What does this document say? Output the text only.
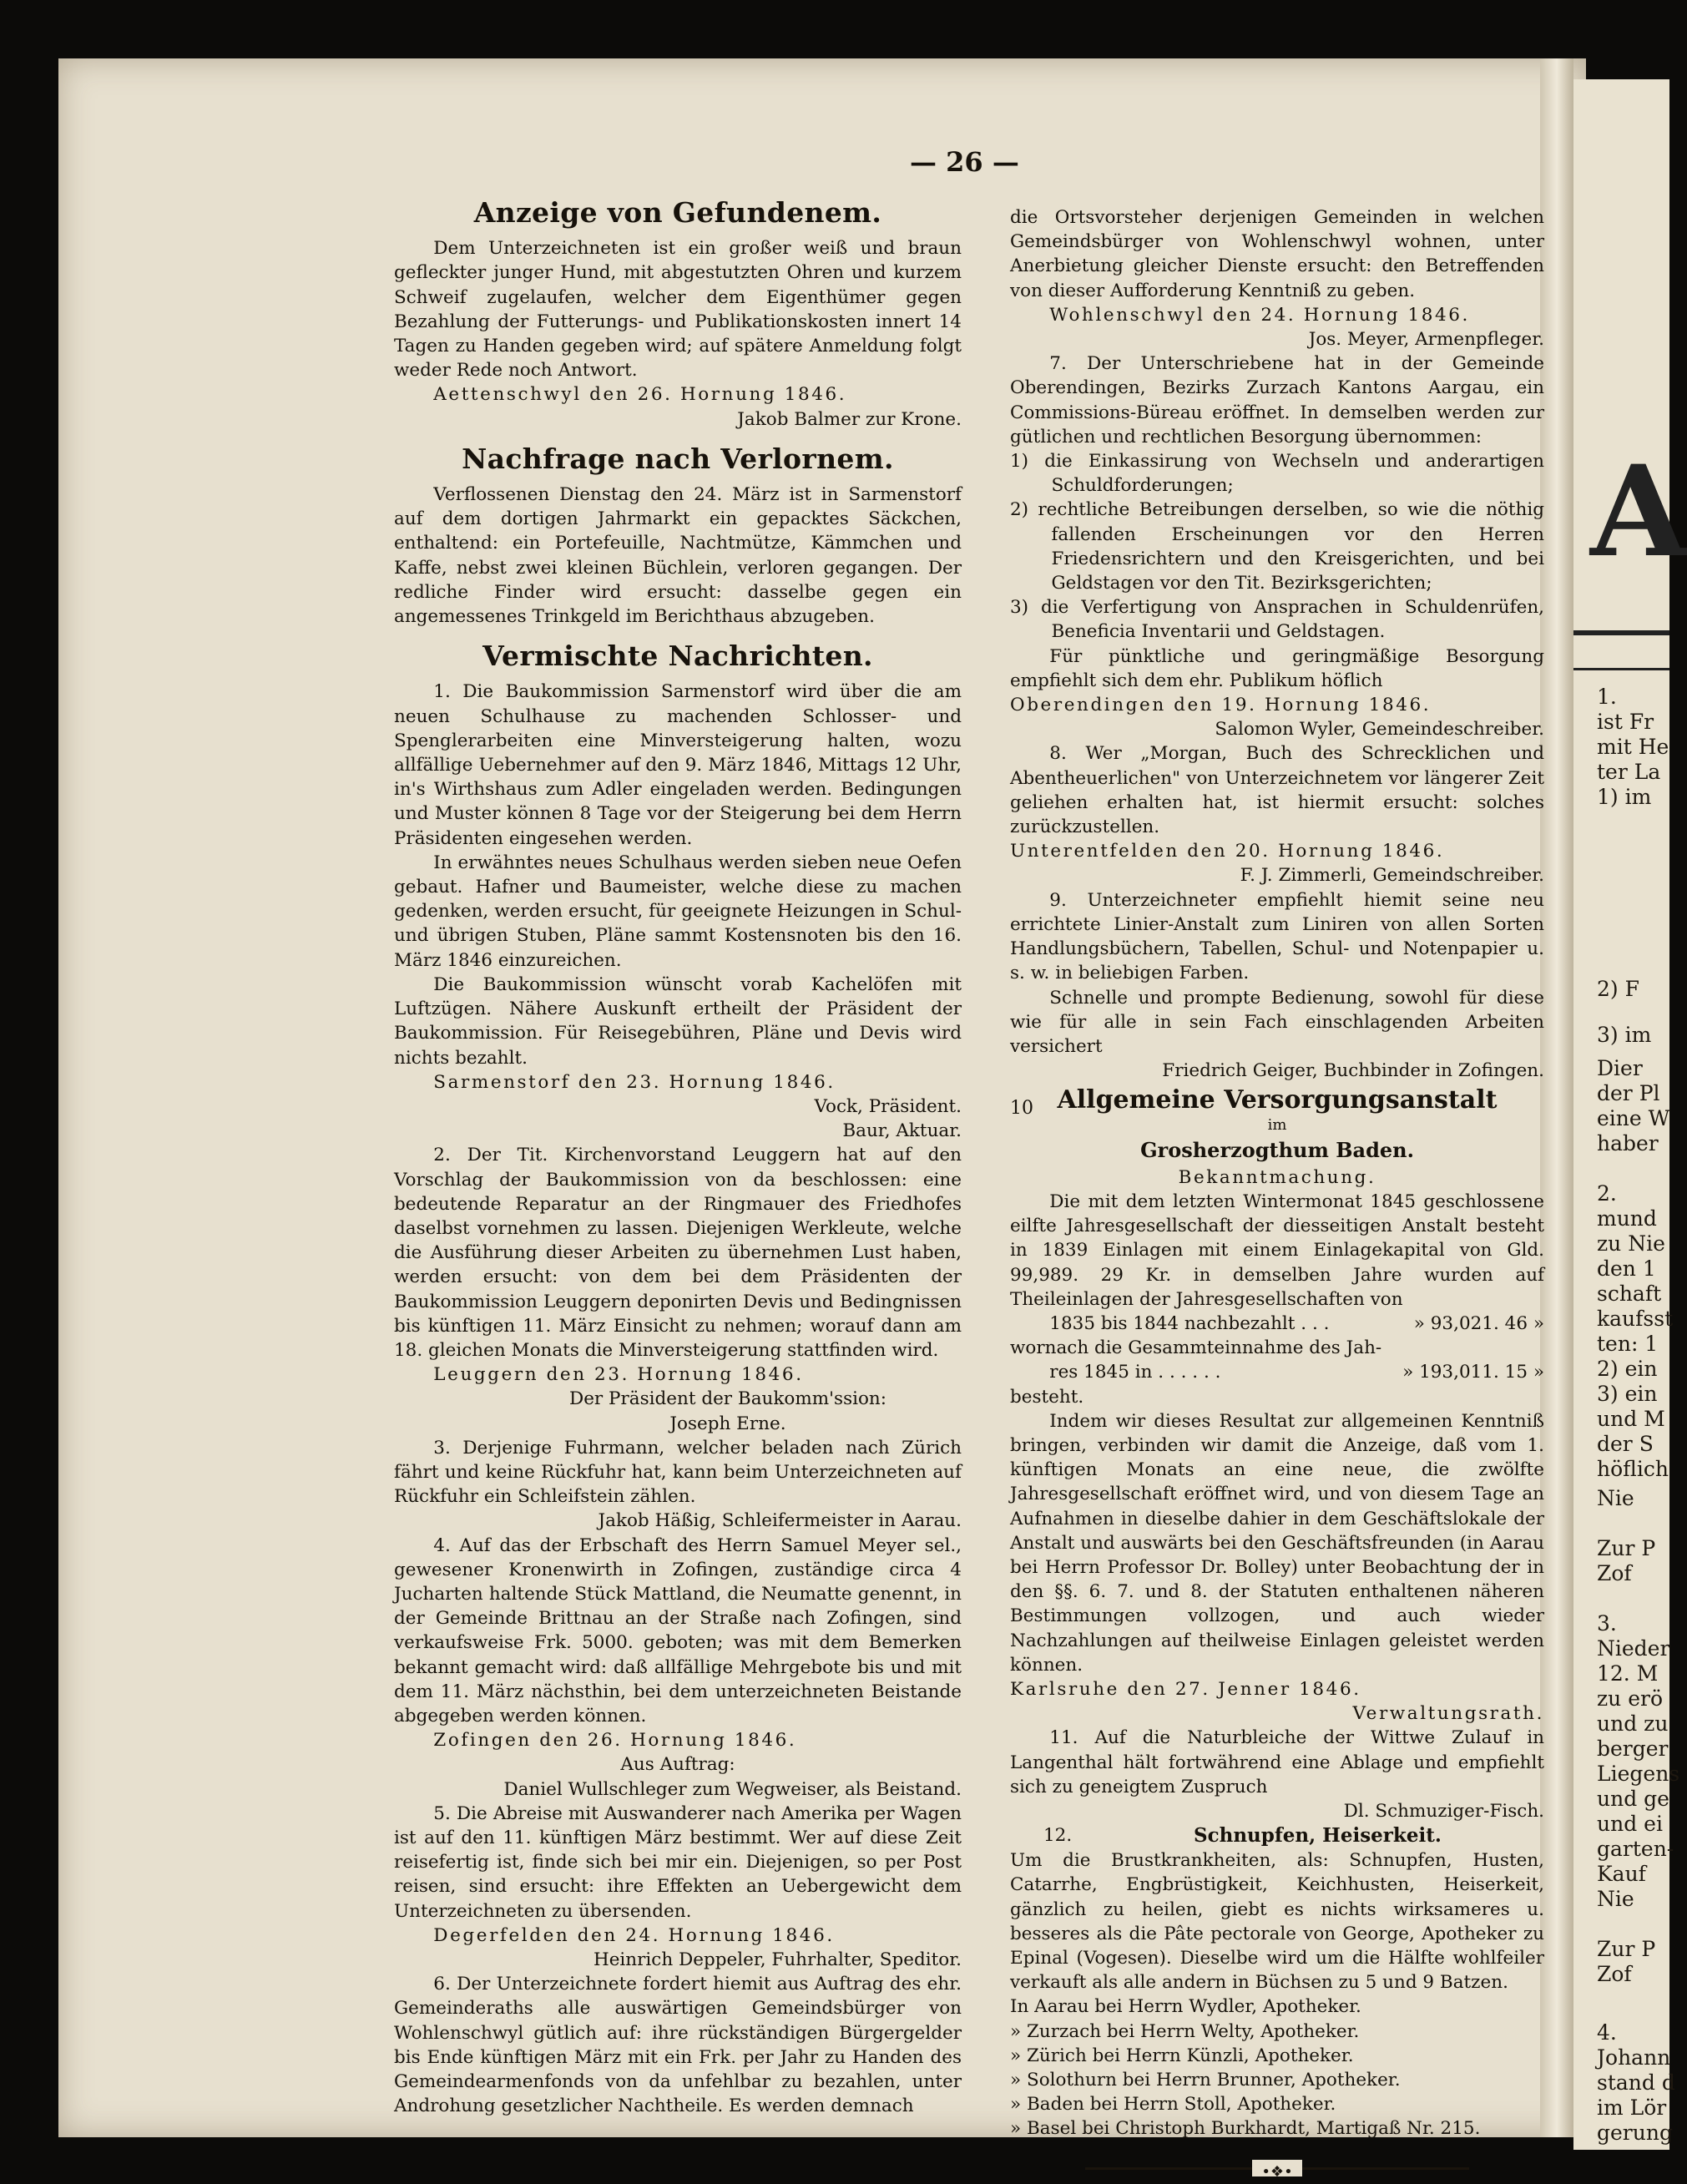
A
1.
ist Fr
mit He
ter La
1) im
2) F
3) im
Dier
der Pl
eine W
haber
2.
mund
zu Nie
den 1
schaft
kaufsst
ten: 1
2) ein
3) ein
und M
der S
höflich
Nie
Zur P
Zof
3.
Nieder
12. M
zu erö
und zu
berger
Liegens
und ge
und ei
garten-
Kauf
Nie
Zur P
Zof
4.
Johann
stand d
im Lör
gerung
— 26 —
Anzeige von Gefundenem.

Dem Unterzeichneten ist ein großer weiß und braun gefleckter junger Hund, mit abgestutzten Ohren und kurzem Schweif zugelaufen, welcher dem Eigenthümer gegen Bezahlung der Futterungs- und Publikationskosten innert 14 Tagen zu Handen gegeben wird; auf spätere Anmeldung folgt weder Rede noch Antwort.

Aettenschwyl den 26. Hornung 1846.

Jakob Balmer zur Krone.

Nachfrage nach Verlornem.

Verflossenen Dienstag den 24. März ist in Sarmenstorf auf dem dortigen Jahrmarkt ein gepacktes Säckchen, enthaltend: ein Portefeuille, Nachtmütze, Kämmchen und Kaffe, nebst zwei kleinen Büchlein, verloren gegangen. Der redliche Finder wird ersucht: dasselbe gegen ein angemessenes Trinkgeld im Berichthaus abzugeben.

Vermischte Nachrichten.

1. Die Baukommission Sarmenstorf wird über die am neuen Schulhause zu machenden Schlosser- und Spenglerarbeiten eine Minversteigerung halten, wozu allfällige Uebernehmer auf den 9. März 1846, Mittags 12 Uhr, in's Wirthshaus zum Adler eingeladen werden. Bedingungen und Muster können 8 Tage vor der Steigerung bei dem Herrn Präsidenten eingesehen werden.

In erwähntes neues Schulhaus werden sieben neue Oefen gebaut. Hafner und Baumeister, welche diese zu machen gedenken, werden ersucht, für geeignete Heizungen in Schul- und übrigen Stuben, Pläne sammt Kostensnoten bis den 16. März 1846 einzureichen.

Die Baukommission wünscht vorab Kachelöfen mit Luftzügen. Nähere Auskunft ertheilt der Präsident der Baukommission. Für Reisegebühren, Pläne und Devis wird nichts bezahlt.

Sarmenstorf den 23. Hornung 1846.

Vock, Präsident.

Baur, Aktuar.

2. Der Tit. Kirchenvorstand Leuggern hat auf den Vorschlag der Baukommission von da beschlossen: eine bedeutende Reparatur an der Ringmauer des Friedhofes daselbst vornehmen zu lassen. Diejenigen Werkleute, welche die Ausführung dieser Arbeiten zu übernehmen Lust haben, werden ersucht: von dem bei dem Präsidenten der Baukommission Leuggern deponirten Devis und Bedingnissen bis künftigen 11. März Einsicht zu nehmen; worauf dann am 18. gleichen Monats die Minversteigerung stattfinden wird.

Leuggern den 23. Hornung 1846.

Der Präsident der Baukomm'ssion:

Joseph Erne.

3. Derjenige Fuhrmann, welcher beladen nach Zürich fährt und keine Rückfuhr hat, kann beim Unterzeichneten auf Rückfuhr ein Schleifstein zählen.

Jakob Häßig, Schleifermeister in Aarau.

4. Auf das der Erbschaft des Herrn Samuel Meyer sel., gewesener Kronenwirth in Zofingen, zuständige circa 4 Jucharten haltende Stück Mattland, die Neumatte genennt, in der Gemeinde Brittnau an der Straße nach Zofingen, sind verkaufsweise Frk. 5000. geboten; was mit dem Bemerken bekannt gemacht wird: daß allfällige Mehrgebote bis und mit dem 11. März nächsthin, bei dem unterzeichneten Beistande abgegeben werden können.

Zofingen den 26. Hornung 1846.

Aus Auftrag:

Daniel Wullschleger zum Wegweiser, als Beistand.

5. Die Abreise mit Auswanderer nach Amerika per Wagen ist auf den 11. künftigen März bestimmt. Wer auf diese Zeit reisefertig ist, finde sich bei mir ein. Diejenigen, so per Post reisen, sind ersucht: ihre Effekten an Uebergewicht dem Unterzeichneten zu übersenden.

Degerfelden den 24. Hornung 1846.

Heinrich Deppeler, Fuhrhalter, Speditor.

6. Der Unterzeichnete fordert hiemit aus Auftrag des ehr. Gemeinderaths alle auswärtigen Gemeindsbürger von Wohlenschwyl gütlich auf: ihre rückständigen Bürgergelder bis Ende künftigen März mit ein Frk. per Jahr zu Handen des Gemeindearmenfonds von da unfehlbar zu bezahlen, unter Androhung gesetzlicher Nachtheile. Es werden demnach

die Ortsvorsteher derjenigen Gemeinden in welchen Gemeindsbürger von Wohlenschwyl wohnen, unter Anerbietung gleicher Dienste ersucht: den Betreffenden von dieser Aufforderung Kenntniß zu geben.

Wohlenschwyl den 24. Hornung 1846.

Jos. Meyer, Armenpfleger.

7. Der Unterschriebene hat in der Gemeinde Oberendingen, Bezirks Zurzach Kantons Aargau, ein Commissions-Büreau eröffnet. In demselben werden zur gütlichen und rechtlichen Besorgung übernommen:

1) die Einkassirung von Wechseln und anderartigen Schuldforderungen;

2) rechtliche Betreibungen derselben, so wie die nöthig fallenden Erscheinungen vor den Herren Friedensrichtern und den Kreisgerichten, und bei Geldstagen vor den Tit. Bezirksgerichten;

3) die Verfertigung von Ansprachen in Schuldenrüfen, Beneficia Inventarii und Geldstagen.

Für pünktliche und geringmäßige Besorgung empfiehlt sich dem ehr. Publikum höflich

Oberendingen den 19. Hornung 1846.

Salomon Wyler, Gemeindeschreiber.

8. Wer „Morgan, Buch des Schrecklichen und Abentheuerlichen" von Unterzeichnetem vor längerer Zeit geliehen erhalten hat, ist hiermit ersucht: solches zurückzustellen.

Unterentfelden den 20. Hornung 1846.

F. J. Zimmerli, Gemeindschreiber.

9. Unterzeichneter empfiehlt hiemit seine neu errichtete Linier-Anstalt zum Liniren von allen Sorten Handlungsbüchern, Tabellen, Schul- und Notenpapier u. s. w. in beliebigen Farben.

Schnelle und prompte Bedienung, sowohl für diese wie für alle in sein Fach einschlagenden Arbeiten versichert

Friedrich Geiger, Buchbinder in Zofingen.

10 Allgemeine Versorgungsanstalt

im

Grosherzogthum Baden.

Bekanntmachung.

Die mit dem letzten Wintermonat 1845 geschlossene eilfte Jahresgesellschaft der diesseitigen Anstalt besteht in 1839 Einlagen mit einem Einlagekapital von Gld. 99,989. 29 Kr. in demselben Jahre wurden auf Theileinlagen der Jahresgesellschaften von

1835 bis 1844 nachbezahlt . . .	» 93,021. 46 »

wornach die Gesammteinnahme des Jah-

res 1845 in . . . . . .	» 193,011. 15 »

besteht.

Indem wir dieses Resultat zur allgemeinen Kenntniß bringen, verbinden wir damit die Anzeige, daß vom 1. künftigen Monats an eine neue, die zwölfte Jahresgesellschaft eröffnet wird, und von diesem Tage an Aufnahmen in dieselbe dahier in dem Geschäftslokale der Anstalt und auswärts bei den Geschäftsfreunden (in Aarau bei Herrn Professor Dr. Bolley) unter Beobachtung der in den §§. 6. 7. und 8. der Statuten enthaltenen näheren Bestimmungen vollzogen, und auch wieder Nachzahlungen auf theilweise Einlagen geleistet werden können.

Karlsruhe den 27. Jenner 1846.

Verwaltungsrath.

11. Auf die Naturbleiche der Wittwe Zulauf in Langenthal hält fortwährend eine Ablage und empfiehlt sich zu geneigtem Zuspruch

Dl. Schmuziger-Fisch.

12.	Schnupfen, Heiserkeit.

Um die Brustkrankheiten, als: Schnupfen, Husten, Catarrhe, Engbrüstigkeit, Keichhusten, Heiserkeit, gänzlich zu heilen, giebt es nichts wirksameres u. besseres als die Pâte pectorale von George, Apotheker zu Epinal (Vogesen). Dieselbe wird um die Hälfte wohlfeiler verkauft als alle andern in Büchsen zu 5 und 9 Batzen.

In Aarau bei Herrn Wydler, Apotheker.

» Zurzach bei Herrn Welty, Apotheker.

» Zürich bei Herrn Künzli, Apotheker.

» Solothurn bei Herrn Brunner, Apotheker.

» Baden bei Herrn Stoll, Apotheker.

» Basel bei Christoph Burkhardt, Martigaß Nr. 215.

•❖•
